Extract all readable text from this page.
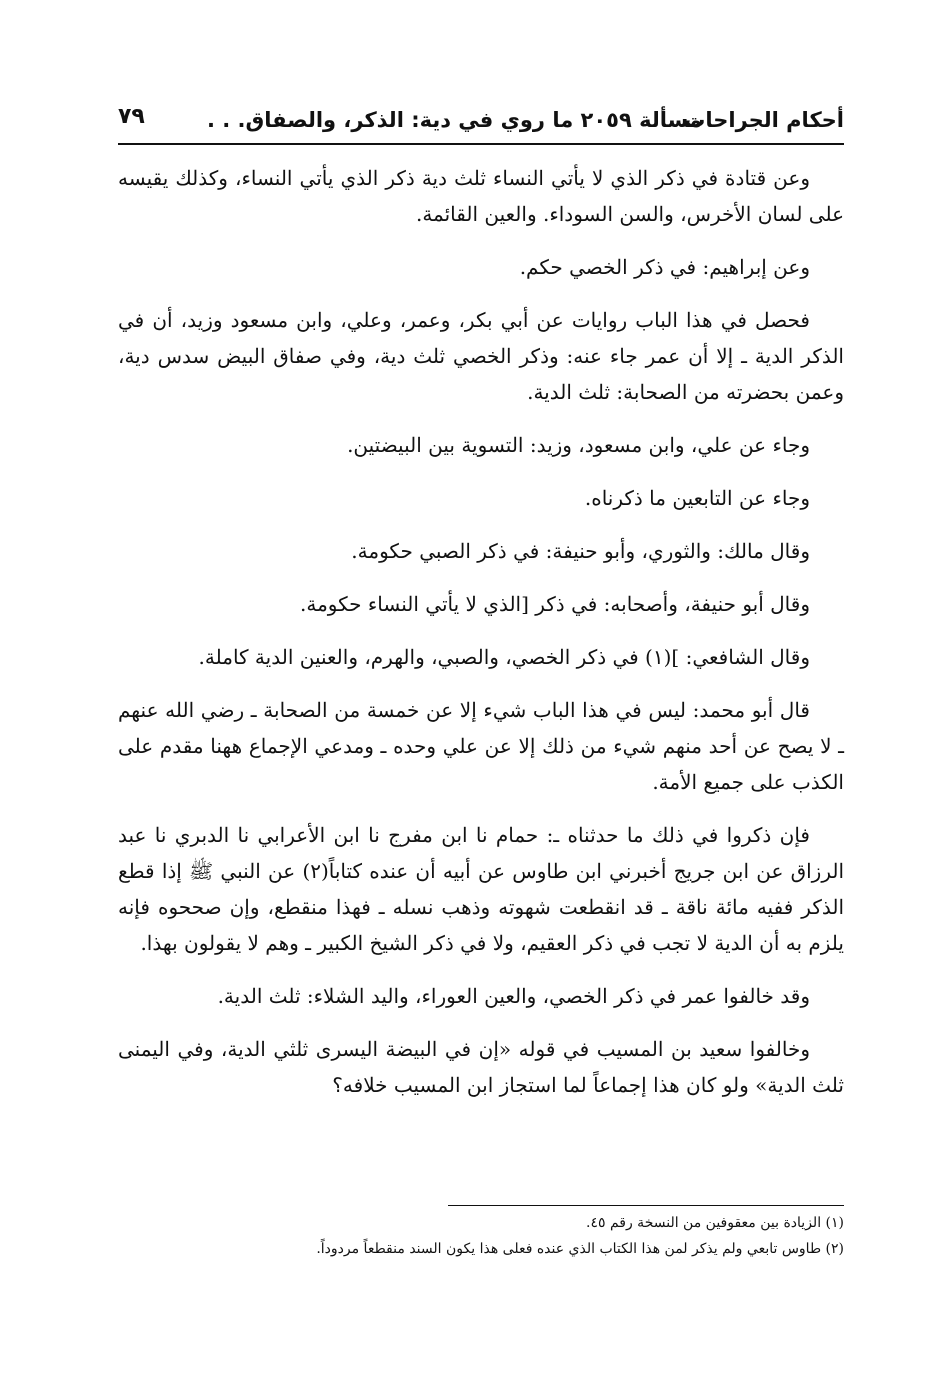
أحكام الجراحات
مسألة ٢٠٥٩ ما روي في دية: الذكر، والصفاق. . .
٧٩

وعن قتادة في ذكر الذي لا يأتي النساء ثلث دية ذكر الذي يأتي النساء، وكذلك يقيسه على لسان الأخرس، والسن السوداء. والعين القائمة.

وعن إبراهيم: في ذكر الخصي حكم.

فحصل في هذا الباب روايات عن أبي بكر، وعمر، وعلي، وابن مسعود وزيد، أن في الذكر الدية ـ إلا أن عمر جاء عنه: وذكر الخصي ثلث دية، وفي صفاق البيض سدس دية، وعمن بحضرته من الصحابة: ثلث الدية.

وجاء عن علي، وابن مسعود، وزيد: التسوية بين البيضتين.

وجاء عن التابعين ما ذكرناه.

وقال مالك: والثوري، وأبو حنيفة: في ذكر الصبي حكومة.

وقال أبو حنيفة، وأصحابه: في ذكر [الذي لا يأتي النساء حكومة.

وقال الشافعي: ](١) في ذكر الخصي، والصبي، والهرم، والعنين الدية كاملة.

قال أبو محمد: ليس في هذا الباب شيء إلا عن خمسة من الصحابة ـ رضي الله عنهم ـ لا يصح عن أحد منهم شيء من ذلك إلا عن علي وحده ـ ومدعي الإجماع ههنا مقدم على الكذب على جميع الأمة.

فإن ذكروا في ذلك ما حدثناه ـ: حمام نا ابن مفرج نا ابن الأعرابي نا الدبري نا عبد الرزاق عن ابن جريج أخبرني ابن طاوس عن أبيه أن عنده كتاباً(٢) عن النبي ﷺ إذا قطع الذكر ففيه مائة ناقة ـ قد انقطعت شهوته وذهب نسله ـ فهذا منقطع، وإن صححوه فإنه يلزم به أن الدية لا تجب في ذكر العقيم، ولا في ذكر الشيخ الكبير ـ وهم لا يقولون بهذا.

وقد خالفوا عمر في ذكر الخصي، والعين العوراء، واليد الشلاء: ثلث الدية.

وخالفوا سعيد بن المسيب في قوله «إن في البيضة اليسرى ثلثي الدية، وفي اليمنى ثلث الدية» ولو كان هذا إجماعاً لما استجاز ابن المسيب خلافه؟

(١) الزيادة بين معقوفين من النسخة رقم ٤٥.

(٢) طاوس تابعي ولم يذكر لمن هذا الكتاب الذي عنده فعلى هذا يكون السند منقطعاً مردوداً.
